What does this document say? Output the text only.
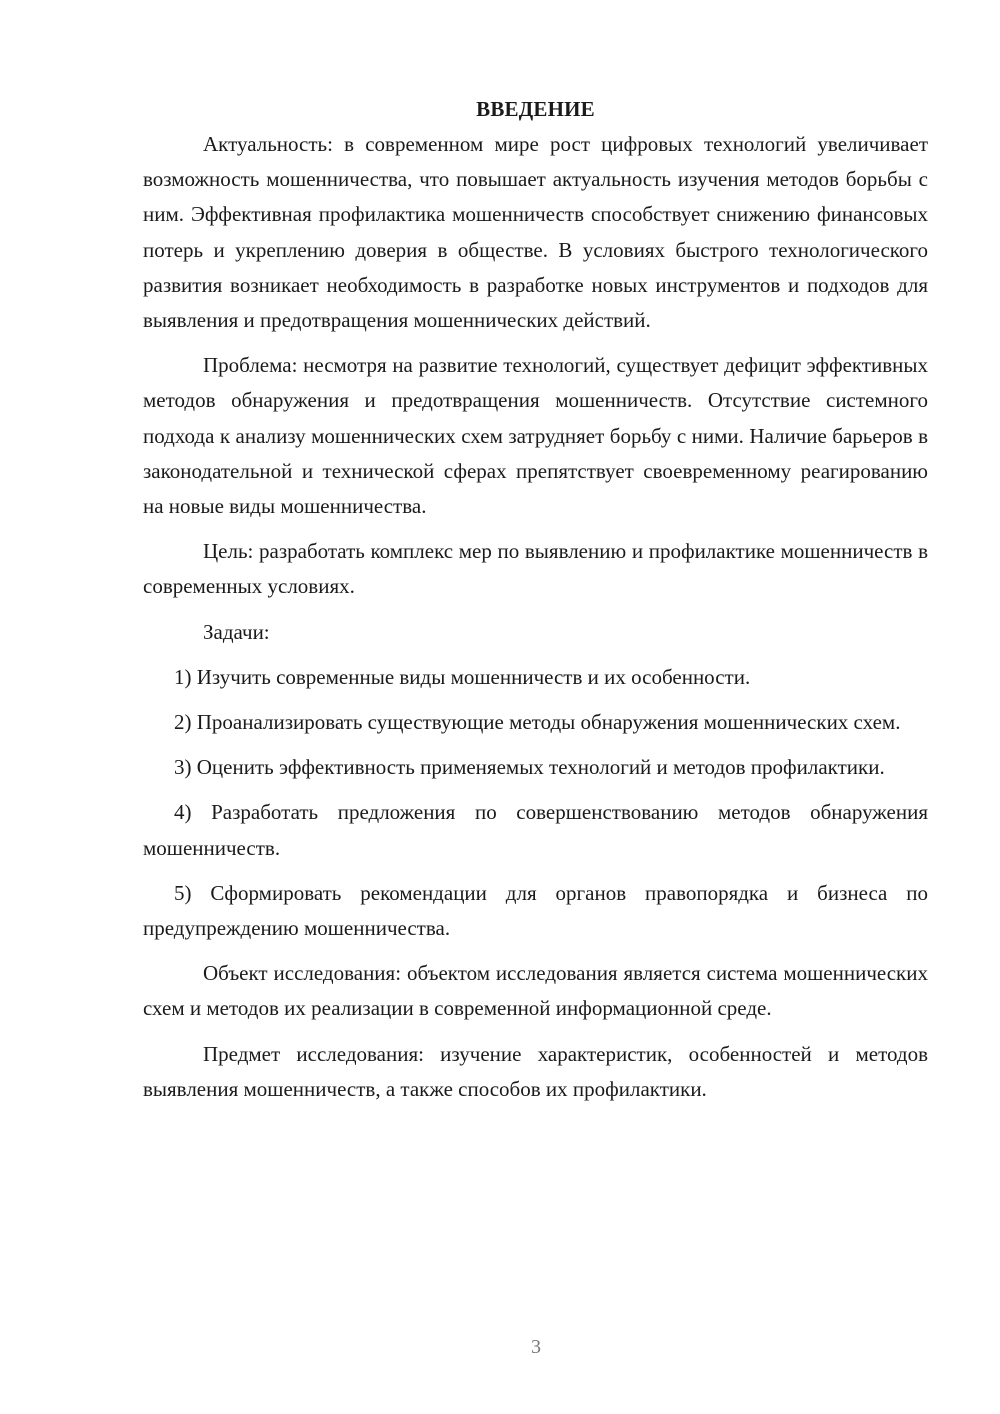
ВВЕДЕНИЕ

Актуальность: в современном мире рост цифровых технологий увеличивает возможность мошенничества, что повышает актуальность изучения методов борьбы с ним. Эффективная профилактика мошенничеств способствует снижению финансовых потерь и укреплению доверия в обществе. В условиях быстрого технологического развития возникает необходимость в разработке новых инструментов и подходов для выявления и предотвращения мошеннических действий.

Проблема: несмотря на развитие технологий, существует дефицит эффективных методов обнаружения и предотвращения мошенничеств. Отсутствие системного подхода к анализу мошеннических схем затрудняет борьбу с ними. Наличие барьеров в законодательной и технической сферах препятствует своевременному реагированию на новые виды мошенничества.

Цель: разработать комплекс мер по выявлению и профилактике мошенничеств в современных условиях.

Задачи:

1) Изучить современные виды мошенничеств и их особенности.

2) Проанализировать существующие методы обнаружения мошеннических схем.

3) Оценить эффективность применяемых технологий и методов профилактики.

4) Разработать предложения по совершенствованию методов обнаружения мошенничеств.

5) Сформировать рекомендации для органов правопорядка и бизнеса по предупреждению мошенничества.

Объект исследования: объектом исследования является система мошеннических схем и методов их реализации в современной информационной среде.

Предмет исследования: изучение характеристик, особенностей и методов выявления мошенничеств, а также способов их профилактики.

3
